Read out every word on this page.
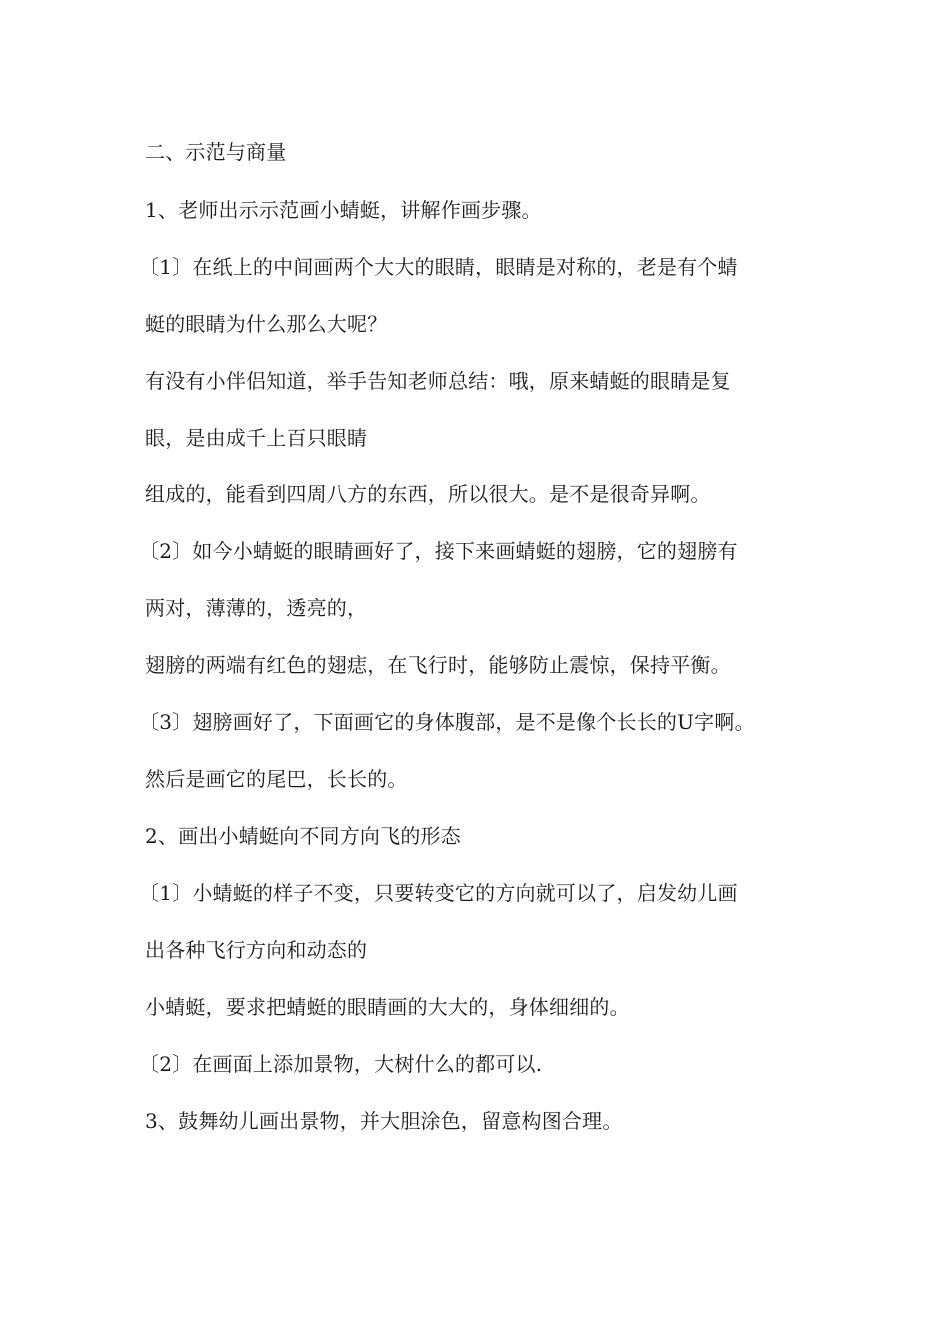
二、示范与商量
1、老师出示示范画小蜻蜓，讲解作画步骤。
〔1〕在纸上的中间画两个大大的眼睛，眼睛是对称的，老是有个蜻
蜓的眼睛为什么那么大呢？
有没有小伴侣知道，举手告知老师总结：哦，原来蜻蜓的眼睛是复
眼，是由成千上百只眼睛
组成的，能看到四周八方的东西，所以很大。是不是很奇异啊。
〔2〕如今小蜻蜓的眼睛画好了，接下来画蜻蜓的翅膀，它的翅膀有
两对，薄薄的，透亮的，
翅膀的两端有红色的翅痣，在飞行时，能够防止震惊，保持平衡。
〔3〕翅膀画好了，下面画它的身体腹部，是不是像个长长的U字啊。
然后是画它的尾巴，长长的。
2、画出小蜻蜓向不同方向飞的形态
〔1〕小蜻蜓的样子不变，只要转变它的方向就可以了，启发幼儿画
出各种飞行方向和动态的
小蜻蜓，要求把蜻蜓的眼睛画的大大的，身体细细的。
〔2〕在画面上添加景物，大树什么的都可以.
3、鼓舞幼儿画出景物，并大胆涂色，留意构图合理。
